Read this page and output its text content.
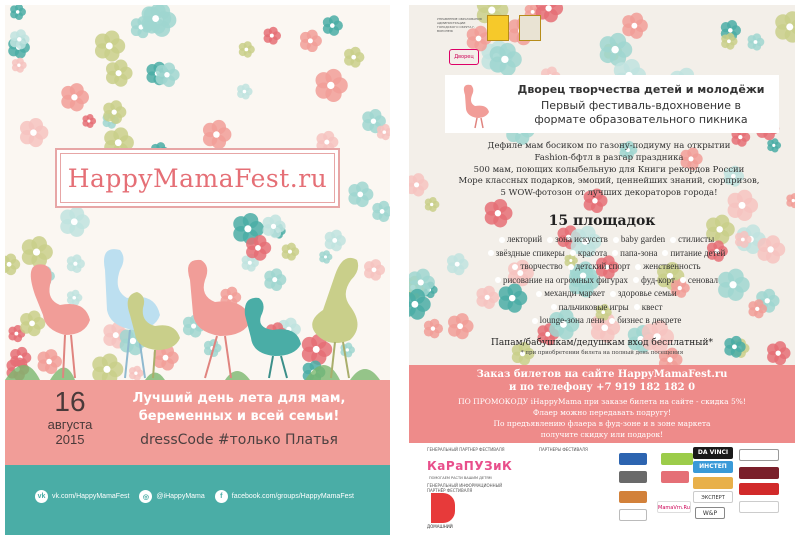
HappyMamaFest.ru
16
августа
2015
Лучший день лета для мам,
беременных и всей семьи!
dressCode #только Платья
vk vk.com/HappyMamaFest	◎	@iHappyMama	f	facebook.com/groups/HappyMamaFest
УПРАВЛЕНИЕ ОБРАЗОВАНИЯ АДМИНИСТРАЦИИ ГОРОДСКОГО ОКРУГА Г. ВОРОНЕЖ
Дворец
Дворец творчества детей и молодёжи
Первый фестиваль-вдохновение в
формате образовательного пикника
Дефиле мам босиком по газону-подиуму на открытии
Fashion-бфтл в разгар праздника
500 мам, поющих колыбельную для Книги рекордов России
Море классных подарков, эмоций, ценнейших знаний, сюрпризов,
5 WOW-фотозон от лучших декораторов города!
15 площадок
лекторий зона искусств baby garden стилисты
звёздные спикеры красота папа-зона питание детей
творчество детский спорт женственность
рисование на огромных фигурах фуд-корт сеновал
механди маркет здоровье семьи
пальчиковые игры квест
lounge-зона лени бизнес в декрете
Папам/бабушкам/дедушкам вход бесплатный*
* при приобретении билета на полный день посещения
Заказ билетов на сайте HappyMamaFest.ru
и по телефону +7 919 182 182 0
ПО ПРОМОКОДУ iHappyMama при заказе билета на сайте - скидка 5%!
Флаер можно передавать подругу!
По предъявлению флаера в фуд-зоне и в зоне маркета
получите скидку или подарок!
ГЕНЕРАЛЬНЫЙ ПАРТНЕР ФЕСТИВАЛЯ
КаРаПУЗиК
ПОМОГАЕМ РАСТИ ВАШИМ ДЕТЯМ
ГЕНЕРАЛЬНЫЙ ИНФОРМАЦИОННЫЙ
ПАРТНЁР ФЕСТИВАЛЯ
ДОМАШНИЙ
ПАРТНЕРЫ ФЕСТИВАЛЯ	DA VINCI
ИНСТЕП
ЭКСПЕРТ
MamaVrn.Ru
W&P
